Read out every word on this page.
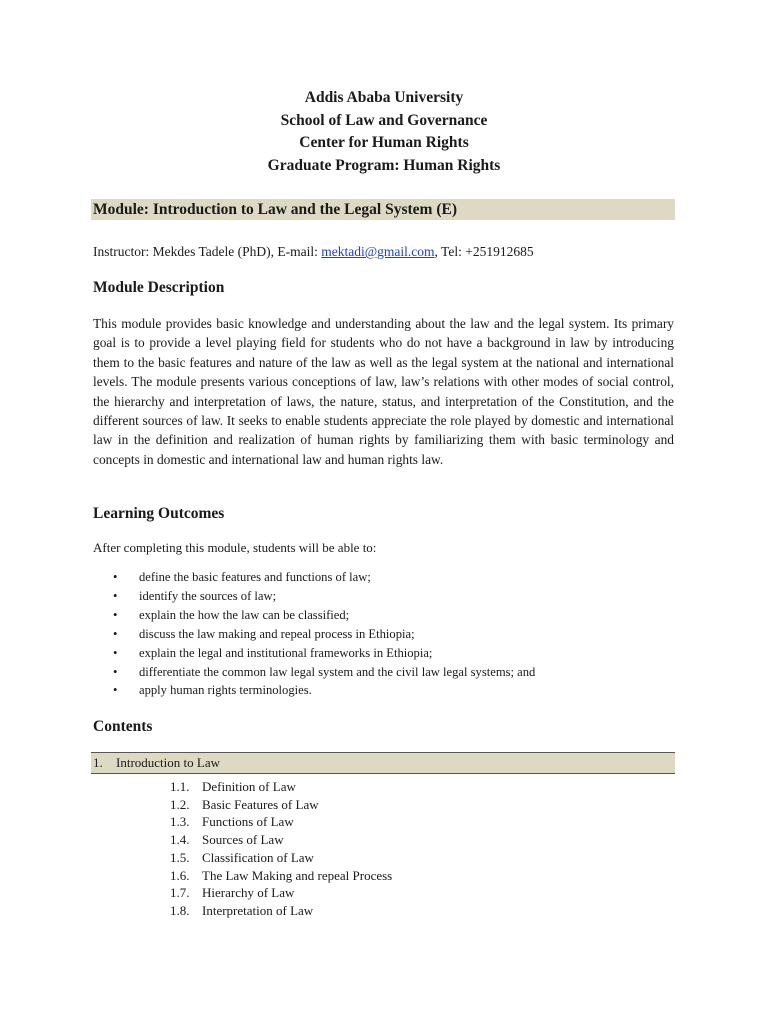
Addis Ababa University
School of Law and Governance
Center for Human Rights
Graduate Program: Human Rights
Module: Introduction to Law and the Legal System (E)
Instructor: Mekdes Tadele (PhD), E-mail: mektadi@gmail.com, Tel: +251912685
Module Description
This module provides basic knowledge and understanding about the law and the legal system. Its primary goal is to provide a level playing field for students who do not have a background in law by introducing them to the basic features and nature of the law as well as the legal system at the national and international levels. The module presents various conceptions of law, law’s relations with other modes of social control, the hierarchy and interpretation of laws, the nature, status, and interpretation of the Constitution, and the different sources of law. It seeks to enable students appreciate the role played by domestic and international law in the definition and realization of human rights by familiarizing them with basic terminology and concepts in domestic and international law and human rights law.
Learning Outcomes
After completing this module, students will be able to:
• define the basic features and functions of law;
• identify the sources of law;
• explain the how the law can be classified;
• discuss the law making and repeal process in Ethiopia;
• explain the legal and institutional frameworks in Ethiopia;
• differentiate the common law legal system and the civil law legal systems; and
• apply human rights terminologies.
Contents
1. Introduction to Law
1.1. Definition of Law
1.2. Basic Features of Law
1.3. Functions of Law
1.4. Sources of Law
1.5. Classification of Law
1.6. The Law Making and repeal Process
1.7. Hierarchy of Law
1.8. Interpretation of Law
